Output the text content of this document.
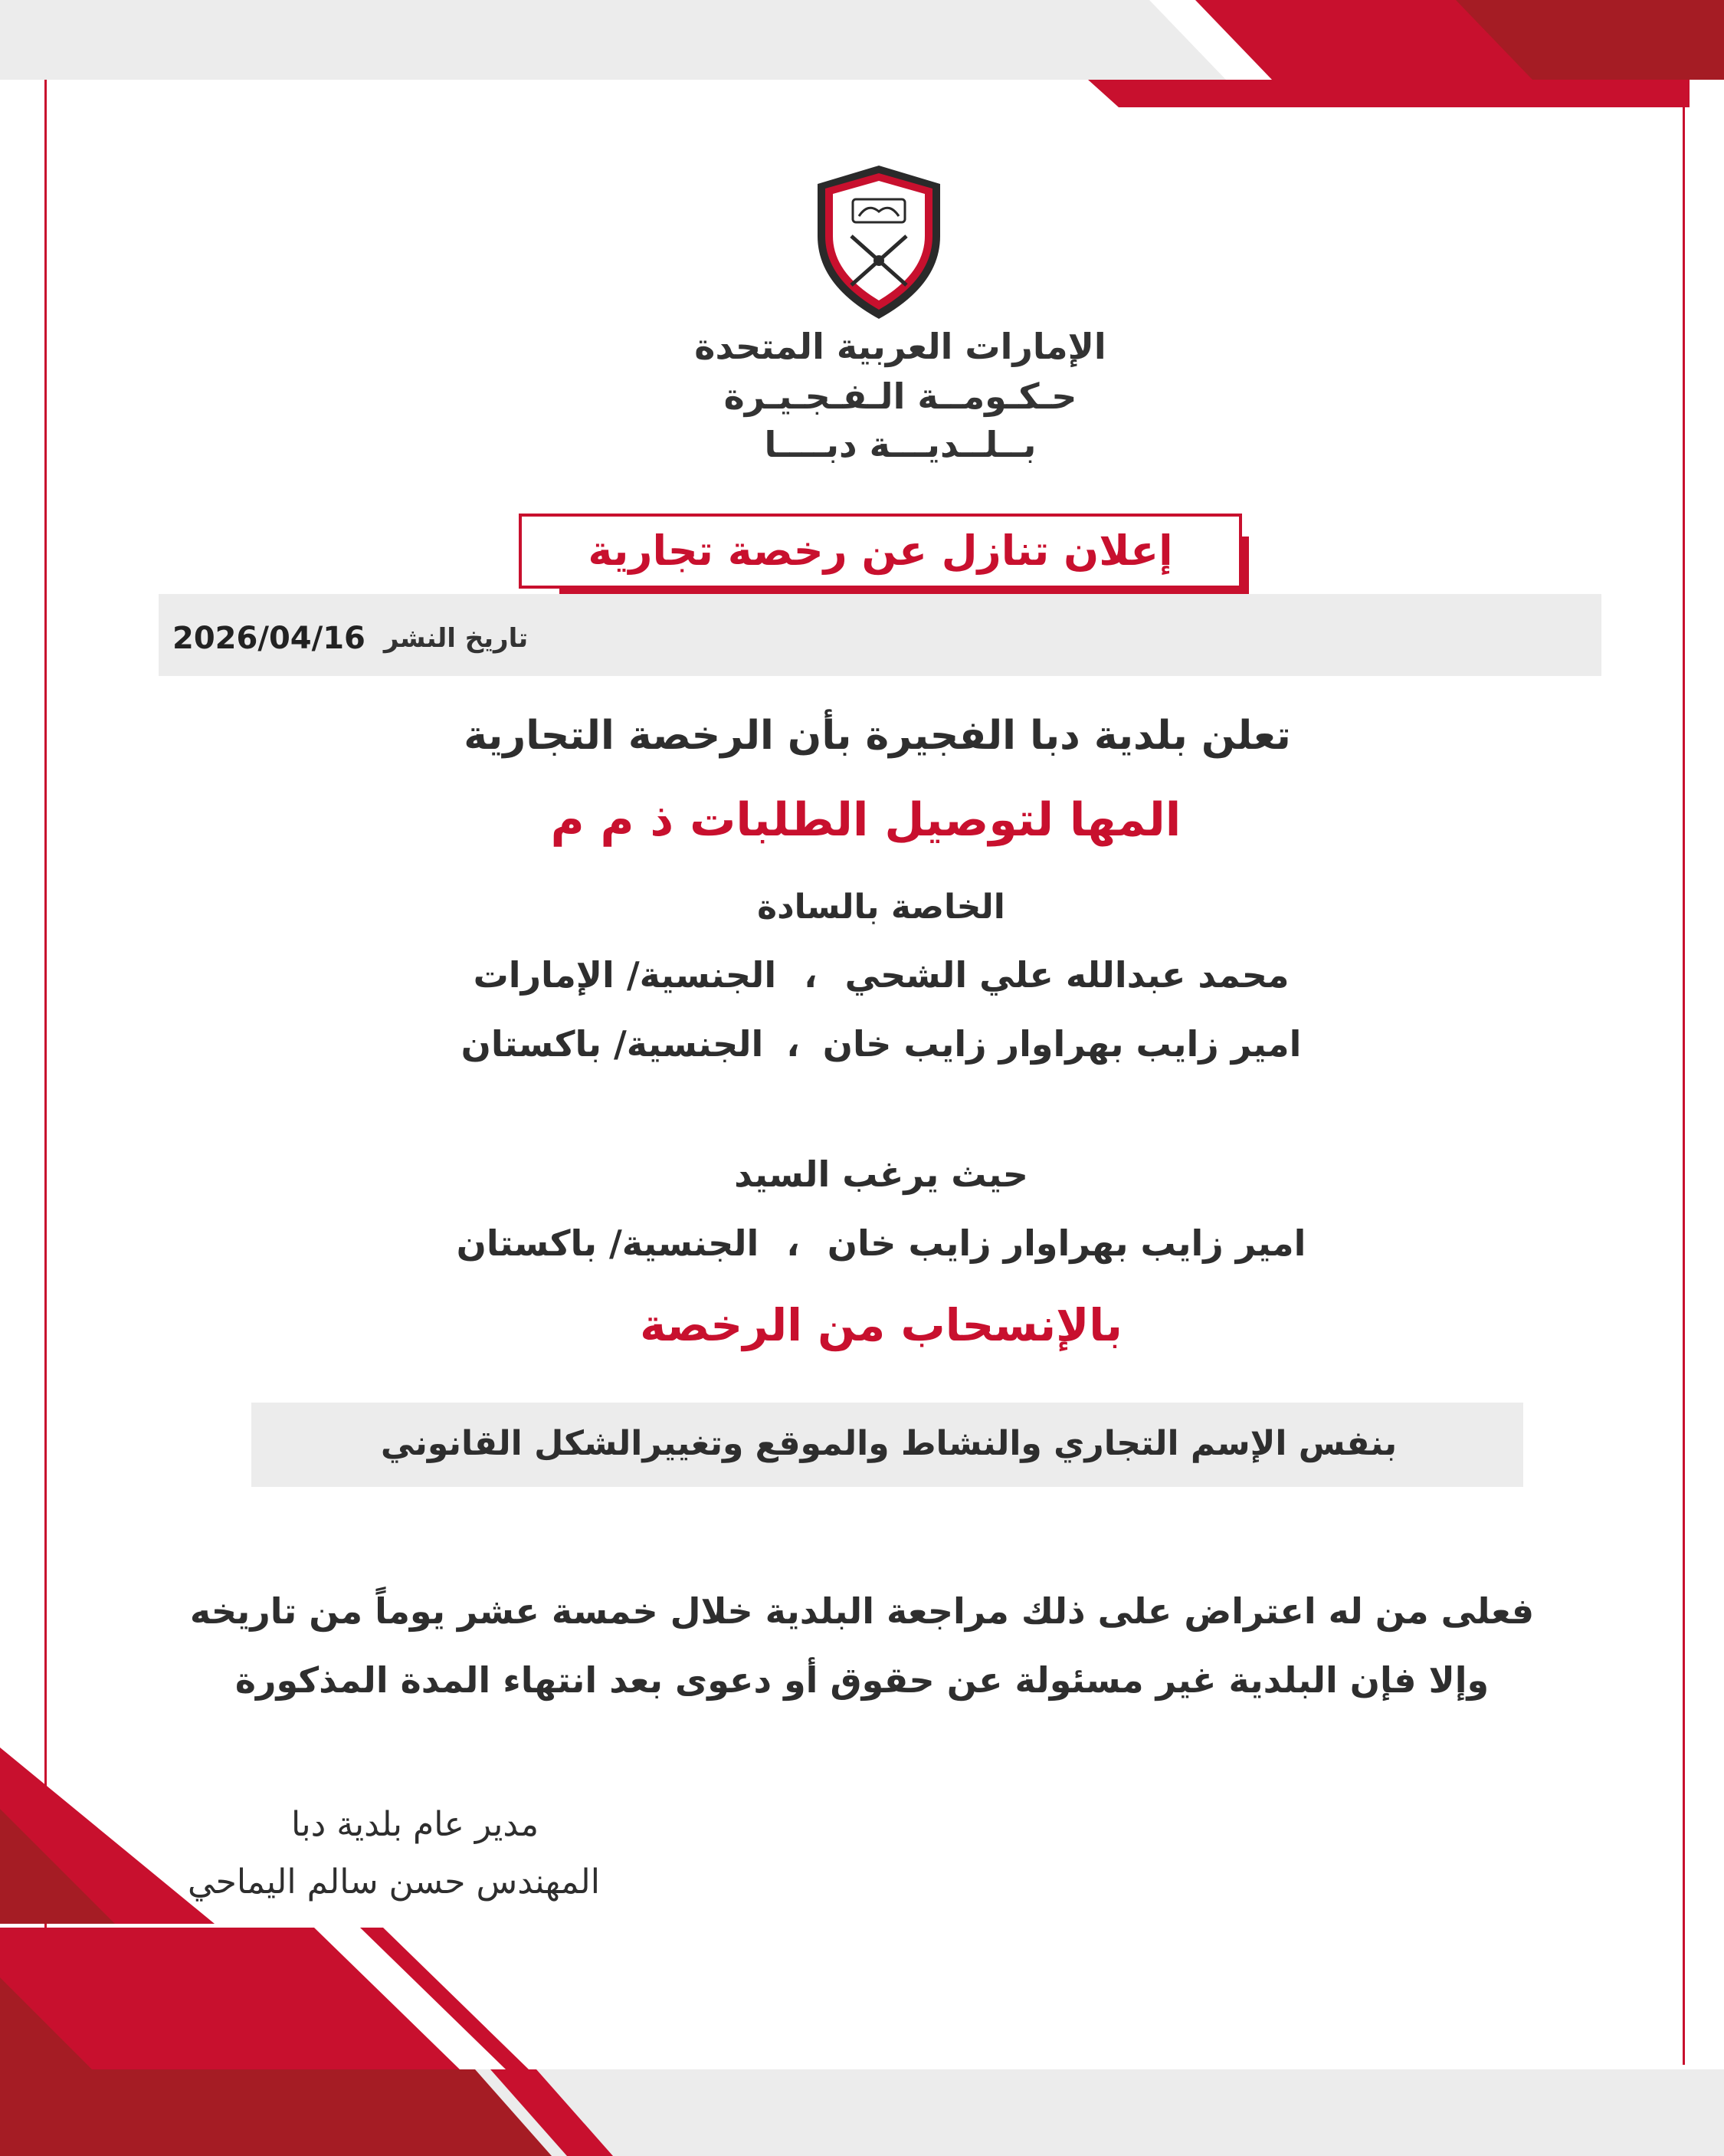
الإمارات العربية المتحدة
حـكـومــة الـفـجـيـرة
بــلــديـــة دبــــا
إعلان تنازل عن رخصة تجارية
تاريخ النشر
2026/04/16
تعلن بلدية دبا الفجيرة بأن الرخصة التجارية
المها لتوصيل الطلبات ذ م م
الخاصة بالسادة
محمد عبدالله علي الشحي
،
الجنسية/ الإمارات
امير زايب بهراوار زايب خان
،
الجنسية/ باكستان
حيث يرغب السيد
امير زايب بهراوار زايب خان
،
الجنسية/ باكستان
بالإنسحاب من الرخصة
بنفس الإسم التجاري والنشاط والموقع وتغييرالشكل القانوني
فعلى من له اعتراض على ذلك مراجعة البلدية خلال خمسة عشر يوماً من تاريخه
وإلا فإن البلدية غير مسئولة عن حقوق أو دعوى بعد انتهاء المدة المذكورة
مدير عام بلدية دبا
المهندس حسن سالم اليماحي
